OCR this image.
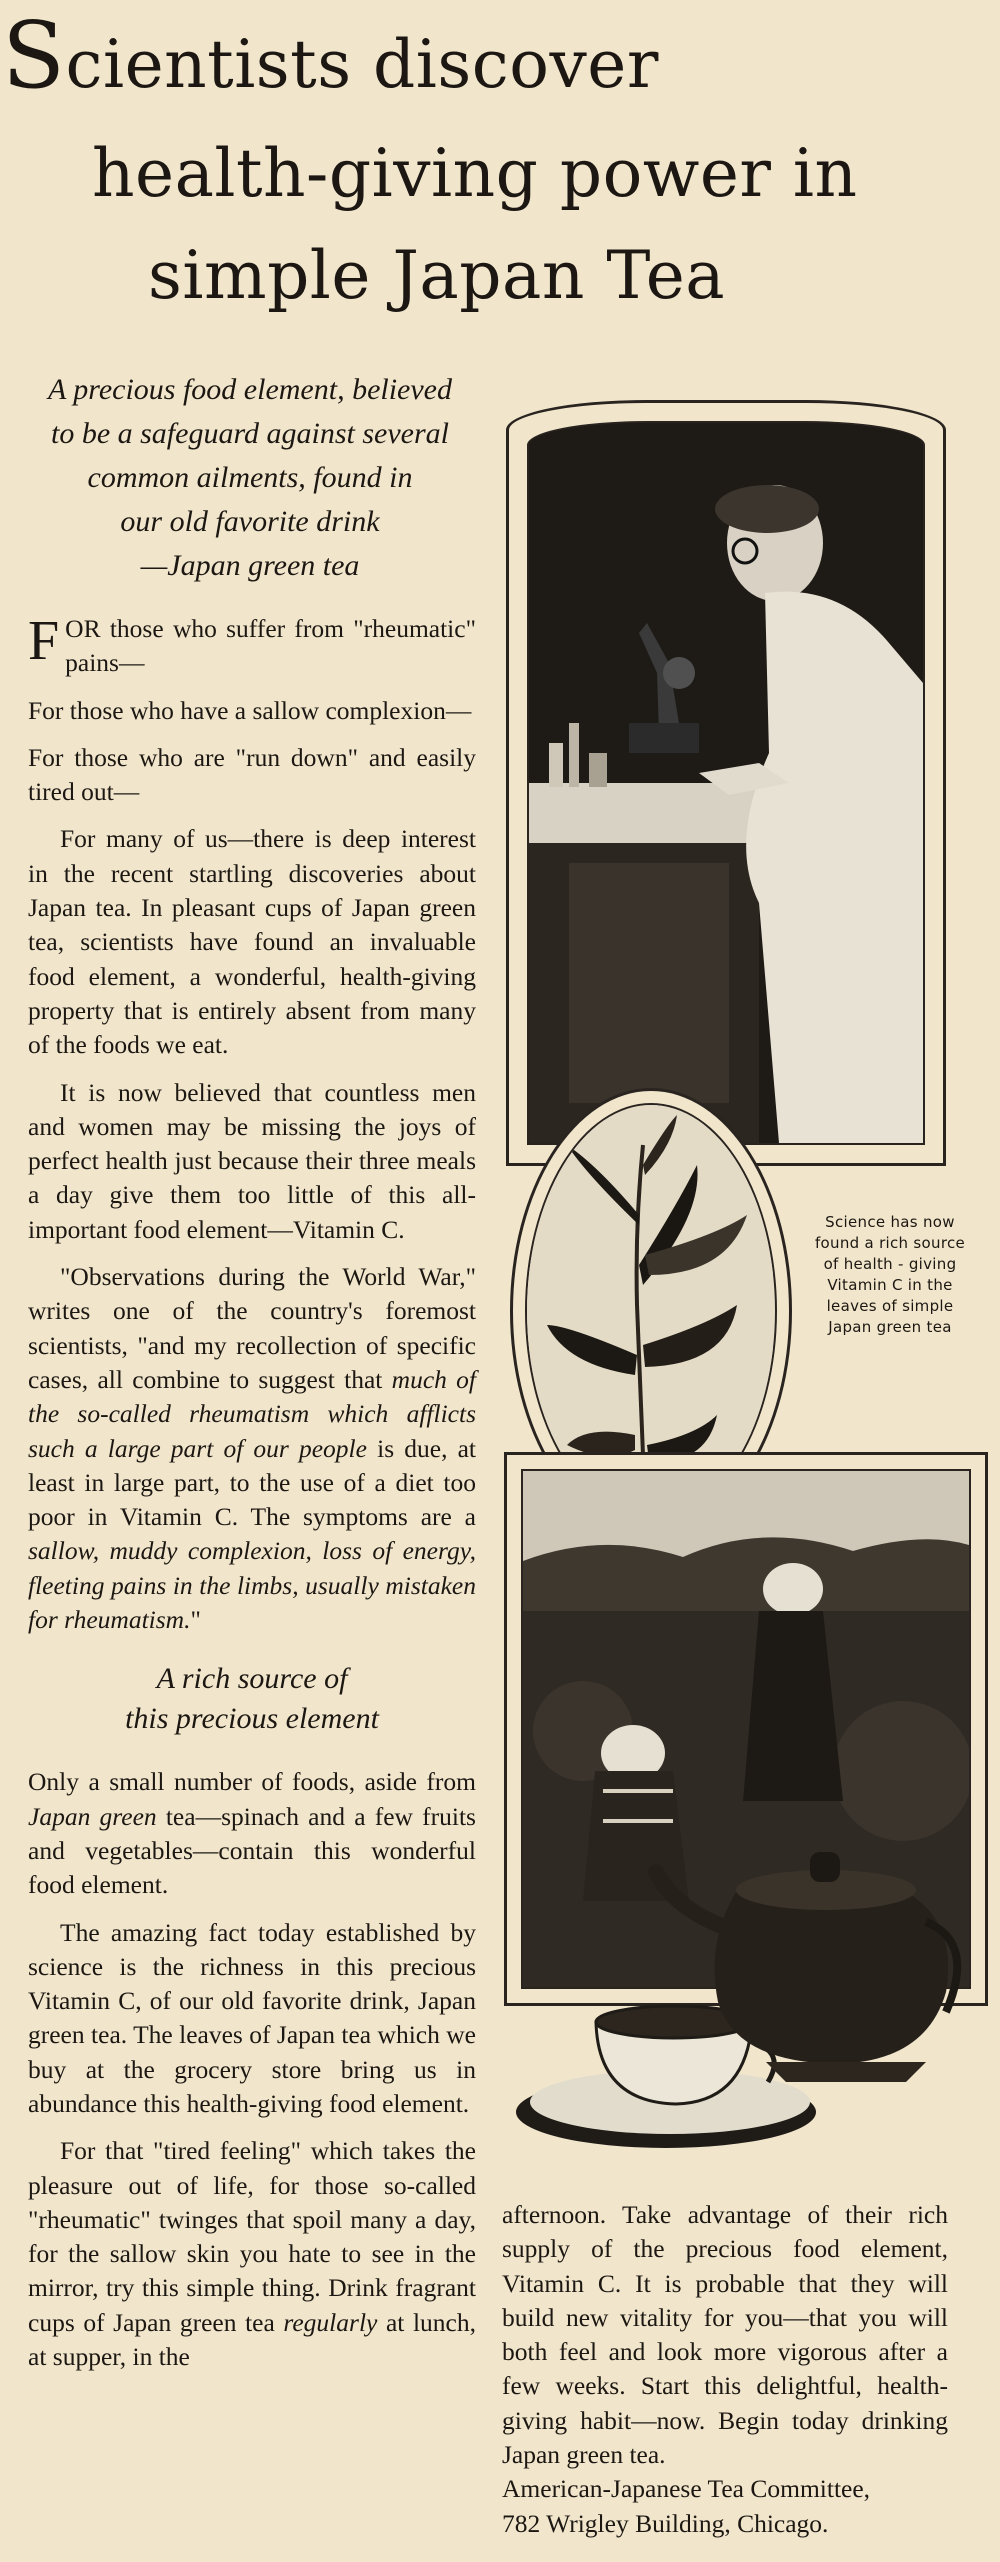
Scientists discover
health-giving power in
simple Japan Tea
A precious food element, believed
to be a safeguard against several
common ailments, found in
our old favorite drink
—Japan green tea

FOR those who suffer from "rheumatic" pains—

For those who have a sallow complexion—

For those who are "run down" and easily tired out—

For many of us—there is deep interest in the recent startling discoveries about Japan tea. In pleasant cups of Japan green tea, scientists have found an invaluable food element, a wonderful, health-giving property that is entirely absent from many of the foods we eat.

It is now believed that countless men and women may be missing the joys of perfect health just because their three meals a day give them too little of this all-important food element—Vitamin C.

"Observations during the World War," writes one of the country's foremost scientists, "and my recollection of specific cases, all combine to suggest that much of the so-called rheumatism which afflicts such a large part of our people is due, at least in large part, to the use of a diet too poor in Vitamin C. The symptoms are a sallow, muddy complexion, loss of energy, fleeting pains in the limbs, usually mistaken for rheumatism."

A rich source of
this precious element

Only a small number of foods, aside from Japan green tea—spinach and a few fruits and vegetables—contain this wonderful food element.

The amazing fact today established by science is the richness in this precious Vitamin C, of our old favorite drink, Japan green tea. The leaves of Japan tea which we buy at the grocery store bring us in abundance this health-giving food element.

For that "tired feeling" which takes the pleasure out of life, for those so-called "rheumatic" twinges that spoil many a day, for the sallow skin you hate to see in the mirror, try this simple thing. Drink fragrant cups of Japan green tea regularly at lunch, at supper, in the

Science has now
found a rich source
of health - giving
Vitamin C in the
leaves of simple
Japan green tea

afternoon. Take advantage of their rich supply of the precious food element, Vitamin C. It is probable that they will build new vitality for you—that you will both feel and look more vigorous after a few weeks. Start this delightful, health-giving habit—now. Begin today drinking Japan green tea.

American-Japanese Tea Committee,
782 Wrigley Building, Chicago.
